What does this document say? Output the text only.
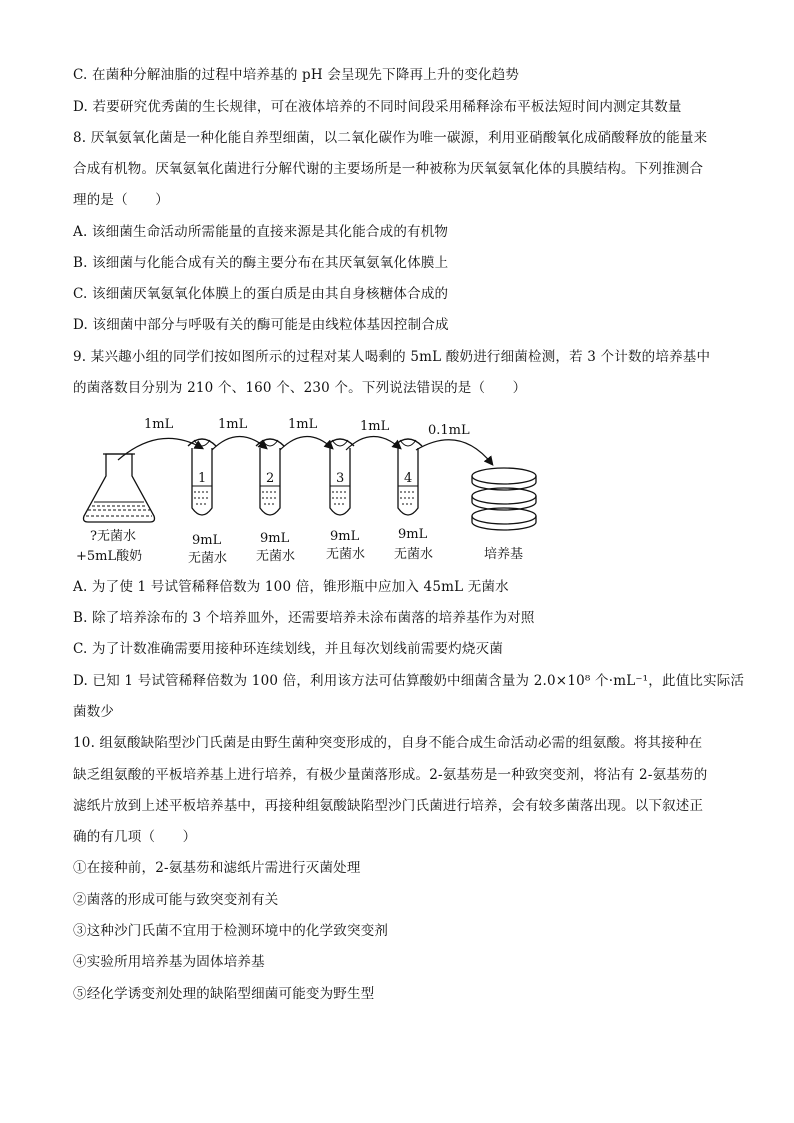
C. 在菌种分解油脂的过程中培养基的 pH 会呈现先下降再上升的变化趋势
D. 若要研究优秀菌的生长规律，可在液体培养的不同时间段采用稀释涂布平板法短时间内测定其数量
8. 厌氧氨氧化菌是一种化能自养型细菌，以二氧化碳作为唯一碳源，利用亚硝酸氧化成硝酸释放的能量来
合成有机物。厌氧氨氧化菌进行分解代谢的主要场所是一种被称为厌氧氨氧化体的具膜结构。下列推测合
理的是（　　）
A. 该细菌生命活动所需能量的直接来源是其化能合成的有机物
B. 该细菌与化能合成有关的酶主要分布在其厌氧氨氧化体膜上
C. 该细菌厌氧氨氧化体膜上的蛋白质是由其自身核糖体合成的
D. 该细菌中部分与呼吸有关的酶可能是由线粒体基因控制合成
9. 某兴趣小组的同学们按如图所示的过程对某人喝剩的 5mL 酸奶进行细菌检测，若 3 个计数的培养基中
的菌落数目分别为 210 个、160 个、230 个。下列说法错误的是（　　）
1mL	1mL	1mL	1mL	0.1mL
1	2	3	4
?无菌水
+5mL酸奶
9mL
无菌水
9mL
无菌水
9mL
无菌水
9mL
无菌水	培养基
A. 为了使 1 号试管稀释倍数为 100 倍，锥形瓶中应加入 45mL 无菌水
B. 除了培养涂布的 3 个培养皿外，还需要培养未涂布菌落的培养基作为对照
C. 为了计数准确需要用接种环连续划线，并且每次划线前需要灼烧灭菌
D. 已知 1 号试管稀释倍数为 100 倍，利用该方法可估算酸奶中细菌含量为 2.0×10⁸ 个·mL⁻¹，此值比实际活
菌数少
10. 组氨酸缺陷型沙门氏菌是由野生菌种突变形成的，自身不能合成生命活动必需的组氨酸。将其接种在
缺乏组氨酸的平板培养基上进行培养，有极少量菌落形成。2-氨基芴是一种致突变剂，将沾有 2-氨基芴的
滤纸片放到上述平板培养基中，再接种组氨酸缺陷型沙门氏菌进行培养，会有较多菌落出现。以下叙述正
确的有几项（　　）
①在接种前，2-氨基芴和滤纸片需进行灭菌处理
②菌落的形成可能与致突变剂有关
③这种沙门氏菌不宜用于检测环境中的化学致突变剂
④实验所用培养基为固体培养基
⑤经化学诱变剂处理的缺陷型细菌可能变为野生型
